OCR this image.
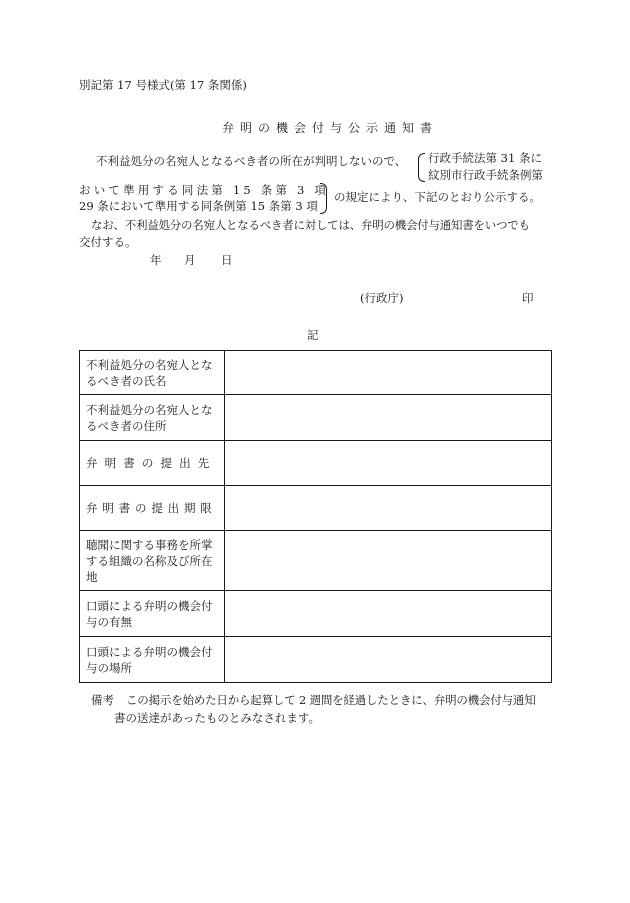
別記第 17 号様式(第 17 条関係)
弁明の機会付与公示通知書
不利益処分の名宛人となるべき者の所在が判明しないので、 行政手続法第 31 条に
紋別市行政手続条例第
おいて準用する同法第 15 条第 3 項
29 条において準用する同条例第 15 条第 3 項
の規定により、下記のとおり公示する。
なお、不利益処分の名宛人となるべき者に対しては、弁明の機会付与通知書をいつでも
交付する。
年 月 日
(行政庁)	印
記
不利益処分の名宛人となるべき者の氏名	
不利益処分の名宛人となるべき者の住所	
弁明書の提出先	
弁明書の提出期限	
聴聞に関する事務を所掌する組織の名称及び所在地	
口頭による弁明の機会付与の有無	
口頭による弁明の機会付与の場所	
備考 この掲示を始めた日から起算して 2 週間を経過したときに、弁明の機会付与通知
書の送達があったものとみなされます。
